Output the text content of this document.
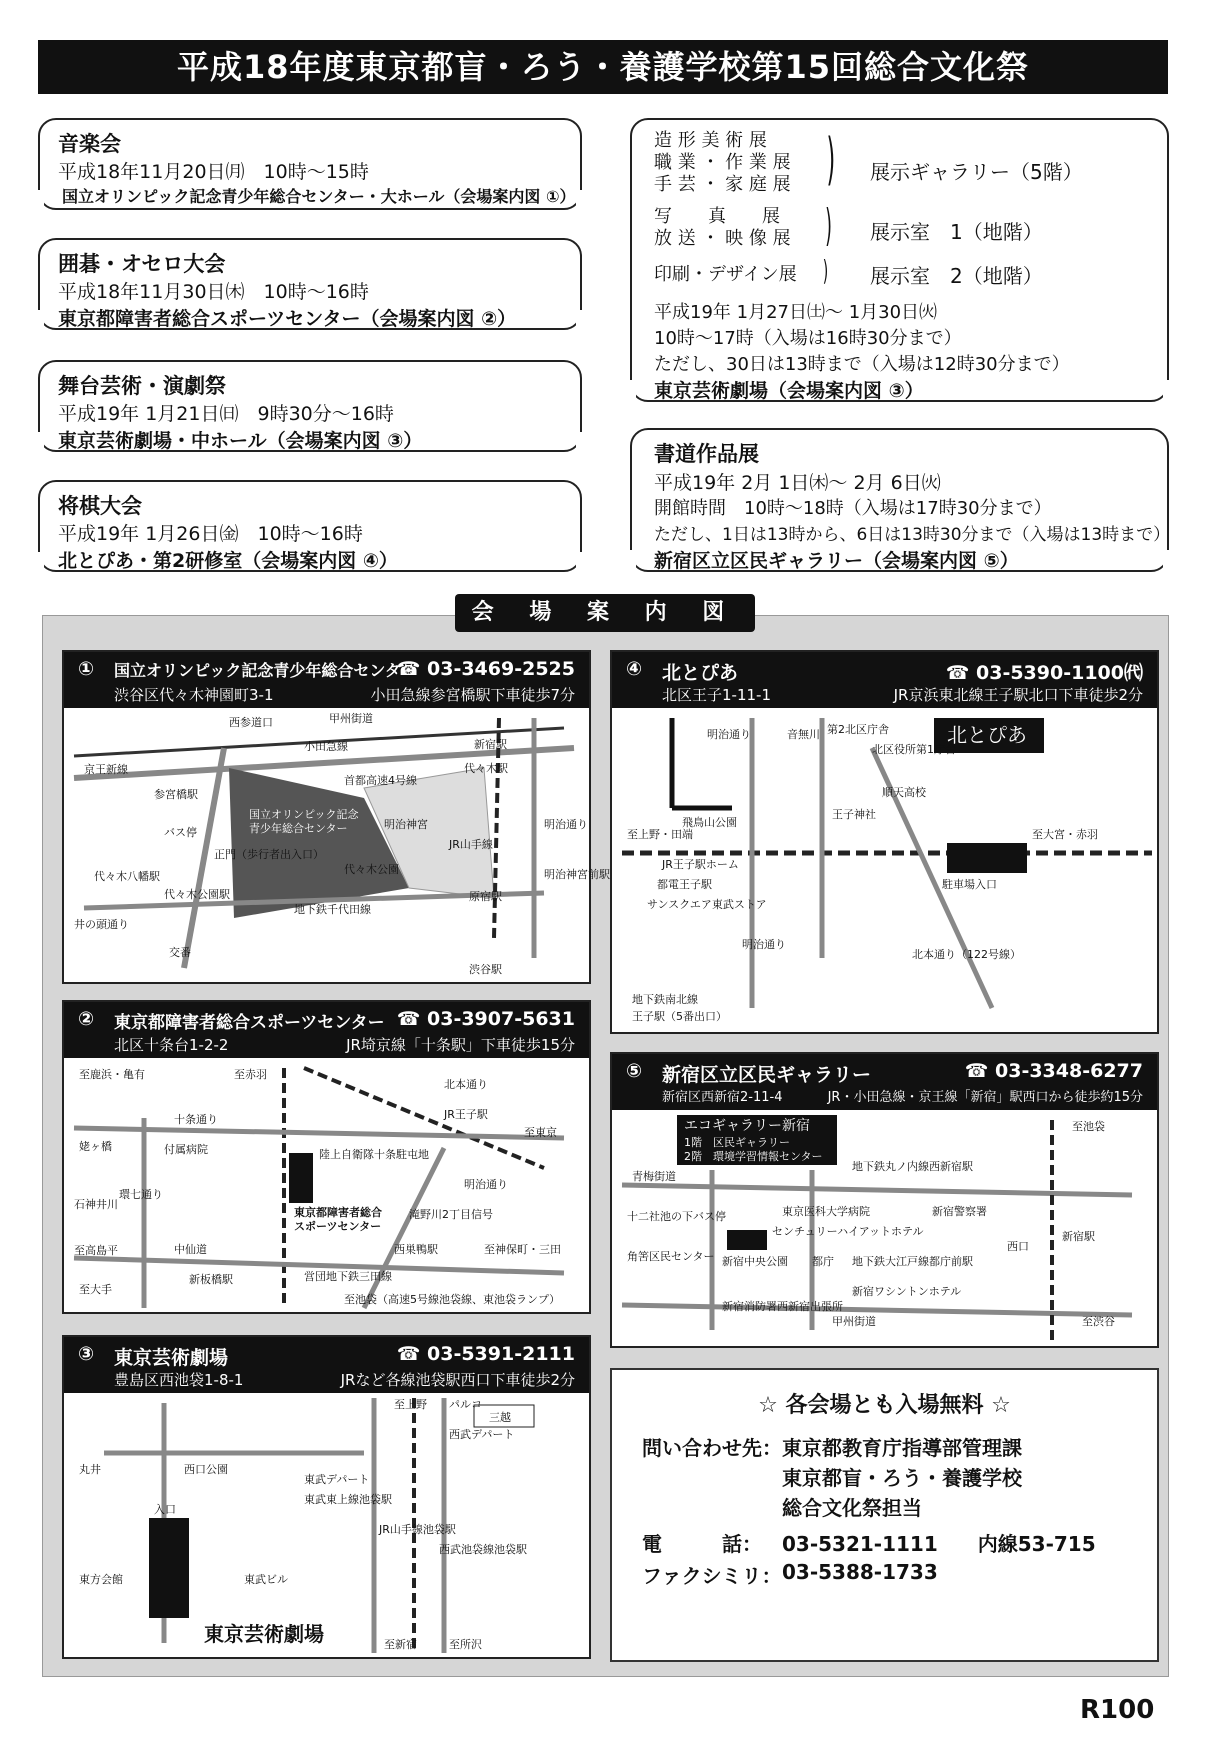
平成18年度東京都盲・ろう・養護学校第15回総合文化祭
音楽会
平成18年11月20日㈪　10時～15時
国立オリンピック記念青少年総合センター・大ホール（会場案内図 ①）
囲碁・オセロ大会
平成18年11月30日㈭　10時～16時
東京都障害者総合スポーツセンター（会場案内図 ②）
舞台芸術・演劇祭
平成19年 1月21日㈰　9時30分～16時
東京芸術劇場・中ホール（会場案内図 ③）
将棋大会
平成19年 1月26日㈮　10時～16時
北とぴあ・第2研修室（会場案内図 ④）
造 形 美 術 展
職 業 ・ 作 業 展
手 芸 ・ 家 庭 展 ) 展示ギャラリー（5階）
写　　真　　展
放 送 ・ 映 像 展 ) 展示室　1（地階）
印刷・デザイン展 ) 展示室　2（地階）
平成19年 1月27日㈯～ 1月30日㈫
10時～17時（入場は16時30分まで）
ただし、30日は13時まで（入場は12時30分まで）
東京芸術劇場（会場案内図 ③）
書道作品展
平成19年 2月 1日㈭～ 2月 6日㈫
開館時間　10時～18時（入場は17時30分まで）
ただし、1日は13時から、6日は13時30分まで（入場は13時まで）
新宿区立区民ギャラリー（会場案内図 ⑤）
会 場 案 内 図
① 国立オリンピック記念青少年総合センター
☎ 03-3469-2525
渋谷区代々木神園町3-1	小田急線参宮橋駅下車徒歩7分
西参道口	甲州街道
新宿駅
京王新線
小田急線
代々木駅
首都高速4号線
参宮橋駅
国立オリンピック記念
青少年総合センター	明治神宮
バス停
正門（歩行者出入口）
JR山手線
代々木八幡駅
代々木公園駅
代々木公園	明治神宮前駅
地下鉄千代田線
原宿駅
明治通り
井の頭通り
交番
渋谷駅
② 東京都障害者総合スポーツセンター ☎ 03-3907-5631
北区十条台1-2-2	JR埼京線「十条駅」下車徒歩15分
至鹿浜・亀有	至赤羽
北本通り
十条通り	JR王子駅
至東京
姥ヶ橋	付属病院
環七通り
陸上自衛隊十条駐屯地
明治通り
石神井川
滝野川2丁目信号
至高島平	中仙道
東京都障害者総合
スポーツセンター
至神保町・三田
至大手
新板橋駅	営団地下鉄三田線
西巣鴨駅
至池袋（高速5号線池袋線、東池袋ランプ）
③ 東京芸術劇場	☎ 03-5391-2111
豊島区西池袋1-8-1	JRなど各線池袋駅西口下車徒歩2分
至上野 パルコ
西武デパート
三越
丸井	西口公園
東武デパート
東武東上線池袋駅
JR山手線池袋駅
西武池袋線池袋駅
入口
東武ビル
東方会館
東京芸術劇場	至新宿	至所沢
④ 北とぴあ	☎ 03-5390-1100㈹
北区王子1-11-1	JR京浜東北線王子駅北口下車徒歩2分
明治通り	音無川 第2北区庁舎
北区役所第1庁舎
北とぴあ
飛鳥山公園
王子神社
順天高校
至上野・田端
JR王子駅ホーム
至大宮・赤羽
都電王子駅	駐車場入口
サンスクエア東武ストア
明治通り
北本通り（122号線）
地下鉄南北線
王子駅（5番出口）
⑤ 新宿区立区民ギャラリー	☎ 03-3348-6277
新宿区西新宿2-11-4	JR・小田急線・京王線「新宿」駅西口から徒歩約15分
エコギャラリー新宿
1階　区民ギャラリー
2階　環境学習情報センター
至池袋
地下鉄丸ノ内線西新宿駅
青梅街道
十二社池の下バス停	東京医科大学病院	新宿警察署
センチュリーハイアットホテル
新宿中央公園 都庁 地下鉄大江戸線都庁前駅
西口
新宿駅
角筈区民センター
新宿ワシントンホテル
新宿消防署西新宿出張所
甲州街道	至渋谷
☆ 各会場とも入場無料 ☆
問い合わせ先： 東京都教育庁指導部管理課
東京都盲・ろう・養護学校
総合文化祭担当
電　　　話： 03-5321-1111　　内線53-715
ファクシミリ： 03-5388-1733
R100
